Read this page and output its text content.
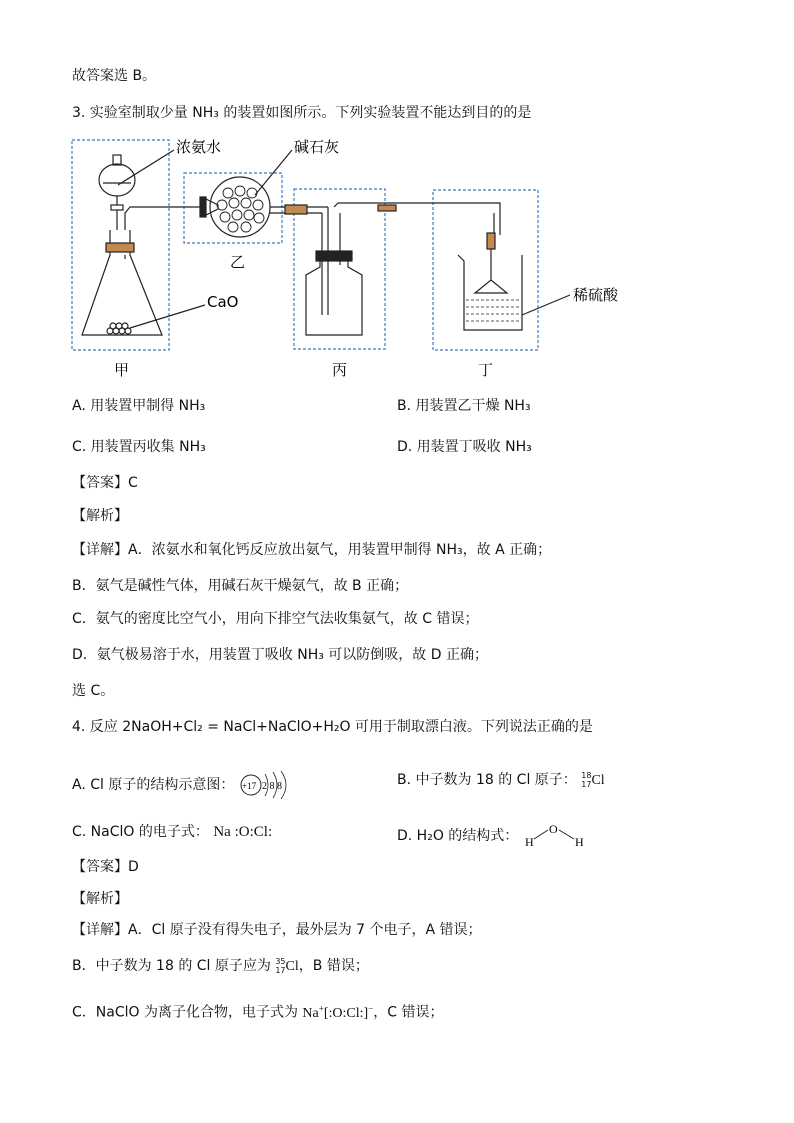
故答案选 B。
3. 实验室制取少量 NH₃ 的装置如图所示。下列实验装置不能达到目的的是
浓氨水	碱石灰
CaO	稀硫酸
乙
甲	丙	丁
A. 用装置甲制得 NH₃	B. 用装置乙干燥 NH₃
C. 用装置丙收集 NH₃	D. 用装置丁吸收 NH₃
【答案】C
【解析】
【详解】A．浓氨水和氧化钙反应放出氨气，用装置甲制得 NH₃，故 A 正确；
B．氨气是碱性气体，用碱石灰干燥氨气，故 B 正确；
C．氨气的密度比空气小，用向下排空气法收集氨气，故 C 错误；
D．氨气极易溶于水，用装置丁吸收 NH₃ 可以防倒吸，故 D 正确；
选 C。
4. 反应 2NaOH+Cl₂ = NaCl+NaClO+H₂O 可用于制取漂白液。下列说法正确的是
A. Cl 原子的结构示意图： +17 2 8 8	B. 中子数为 18 的 Cl 原子： 18
17 Cl
C. NaClO 的电子式： Na :O:Cl:	D. H₂O 的结构式： H
O
H
【答案】D
【解析】
【详解】A．Cl 原子没有得失电子，最外层为 7 个电子，A 错误；
B．中子数为 18 的 Cl 原子应为 35
17 Cl，B 错误；
C．NaClO 为离子化合物，电子式为 Na+[:O:Cl:]−，C 错误；
